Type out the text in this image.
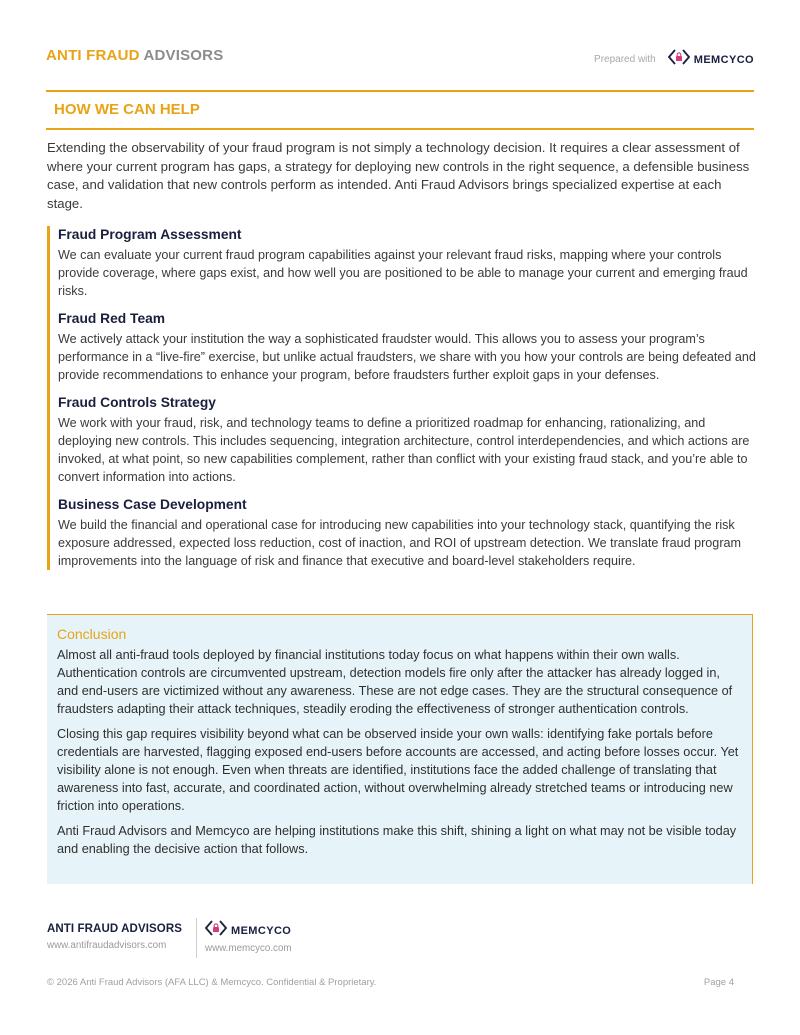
ANTI FRAUD ADVISORS	Prepared with	MEMCYCO
HOW WE CAN HELP

Extending the observability of your fraud program is not simply a technology decision. It requires a clear assessment of where your current program has gaps, a strategy for deploying new controls in the right sequence, a defensible business case, and validation that new controls perform as intended. Anti Fraud Advisors brings specialized expertise at each stage.

Fraud Program Assessment

We can evaluate your current fraud program capabilities against your relevant fraud risks, mapping where your controls provide coverage, where gaps exist, and how well you are positioned to be able to manage your current and emerging fraud risks.

Fraud Red Team

We actively attack your institution the way a sophisticated fraudster would. This allows you to assess your program’s performance in a “live-fire” exercise, but unlike actual fraudsters, we share with you how your controls are being defeated and provide recommendations to enhance your program, before fraudsters further exploit gaps in your defenses.

Fraud Controls Strategy

We work with your fraud, risk, and technology teams to define a prioritized roadmap for enhancing, rationalizing, and deploying new controls. This includes sequencing, integration architecture, control interdependencies, and which actions are invoked, at what point, so new capabilities complement, rather than conflict with your existing fraud stack, and you’re able to convert information into actions.

Business Case Development

We build the financial and operational case for introducing new capabilities into your technology stack, quantifying the risk exposure addressed, expected loss reduction, cost of inaction, and ROI of upstream detection. We translate fraud program improvements into the language of risk and finance that executive and board-level stakeholders require.

Conclusion

Almost all anti-fraud tools deployed by financial institutions today focus on what happens within their own walls. Authentication controls are circumvented upstream, detection models fire only after the attacker has already logged in, and end-users are victimized without any awareness. These are not edge cases. They are the structural consequence of fraudsters adapting their attack techniques, steadily eroding the effectiveness of stronger authentication controls.

Closing this gap requires visibility beyond what can be observed inside your own walls: identifying fake portals before credentials are harvested, flagging exposed end-users before accounts are accessed, and acting before losses occur. Yet visibility alone is not enough. Even when threats are identified, institutions face the added challenge of translating that awareness into fast, accurate, and coordinated action, without overwhelming already stretched teams or introducing new friction into operations.

Anti Fraud Advisors and Memcyco are helping institutions make this shift, shining a light on what may not be visible today and enabling the decisive action that follows.

ANTI FRAUD ADVISORS
www.antifraudadvisors.com
MEMCYCO
www.memcyco.com
© 2026 Anti Fraud Advisors (AFA LLC) & Memcyco. Confidential & Proprietary.	Page 4
